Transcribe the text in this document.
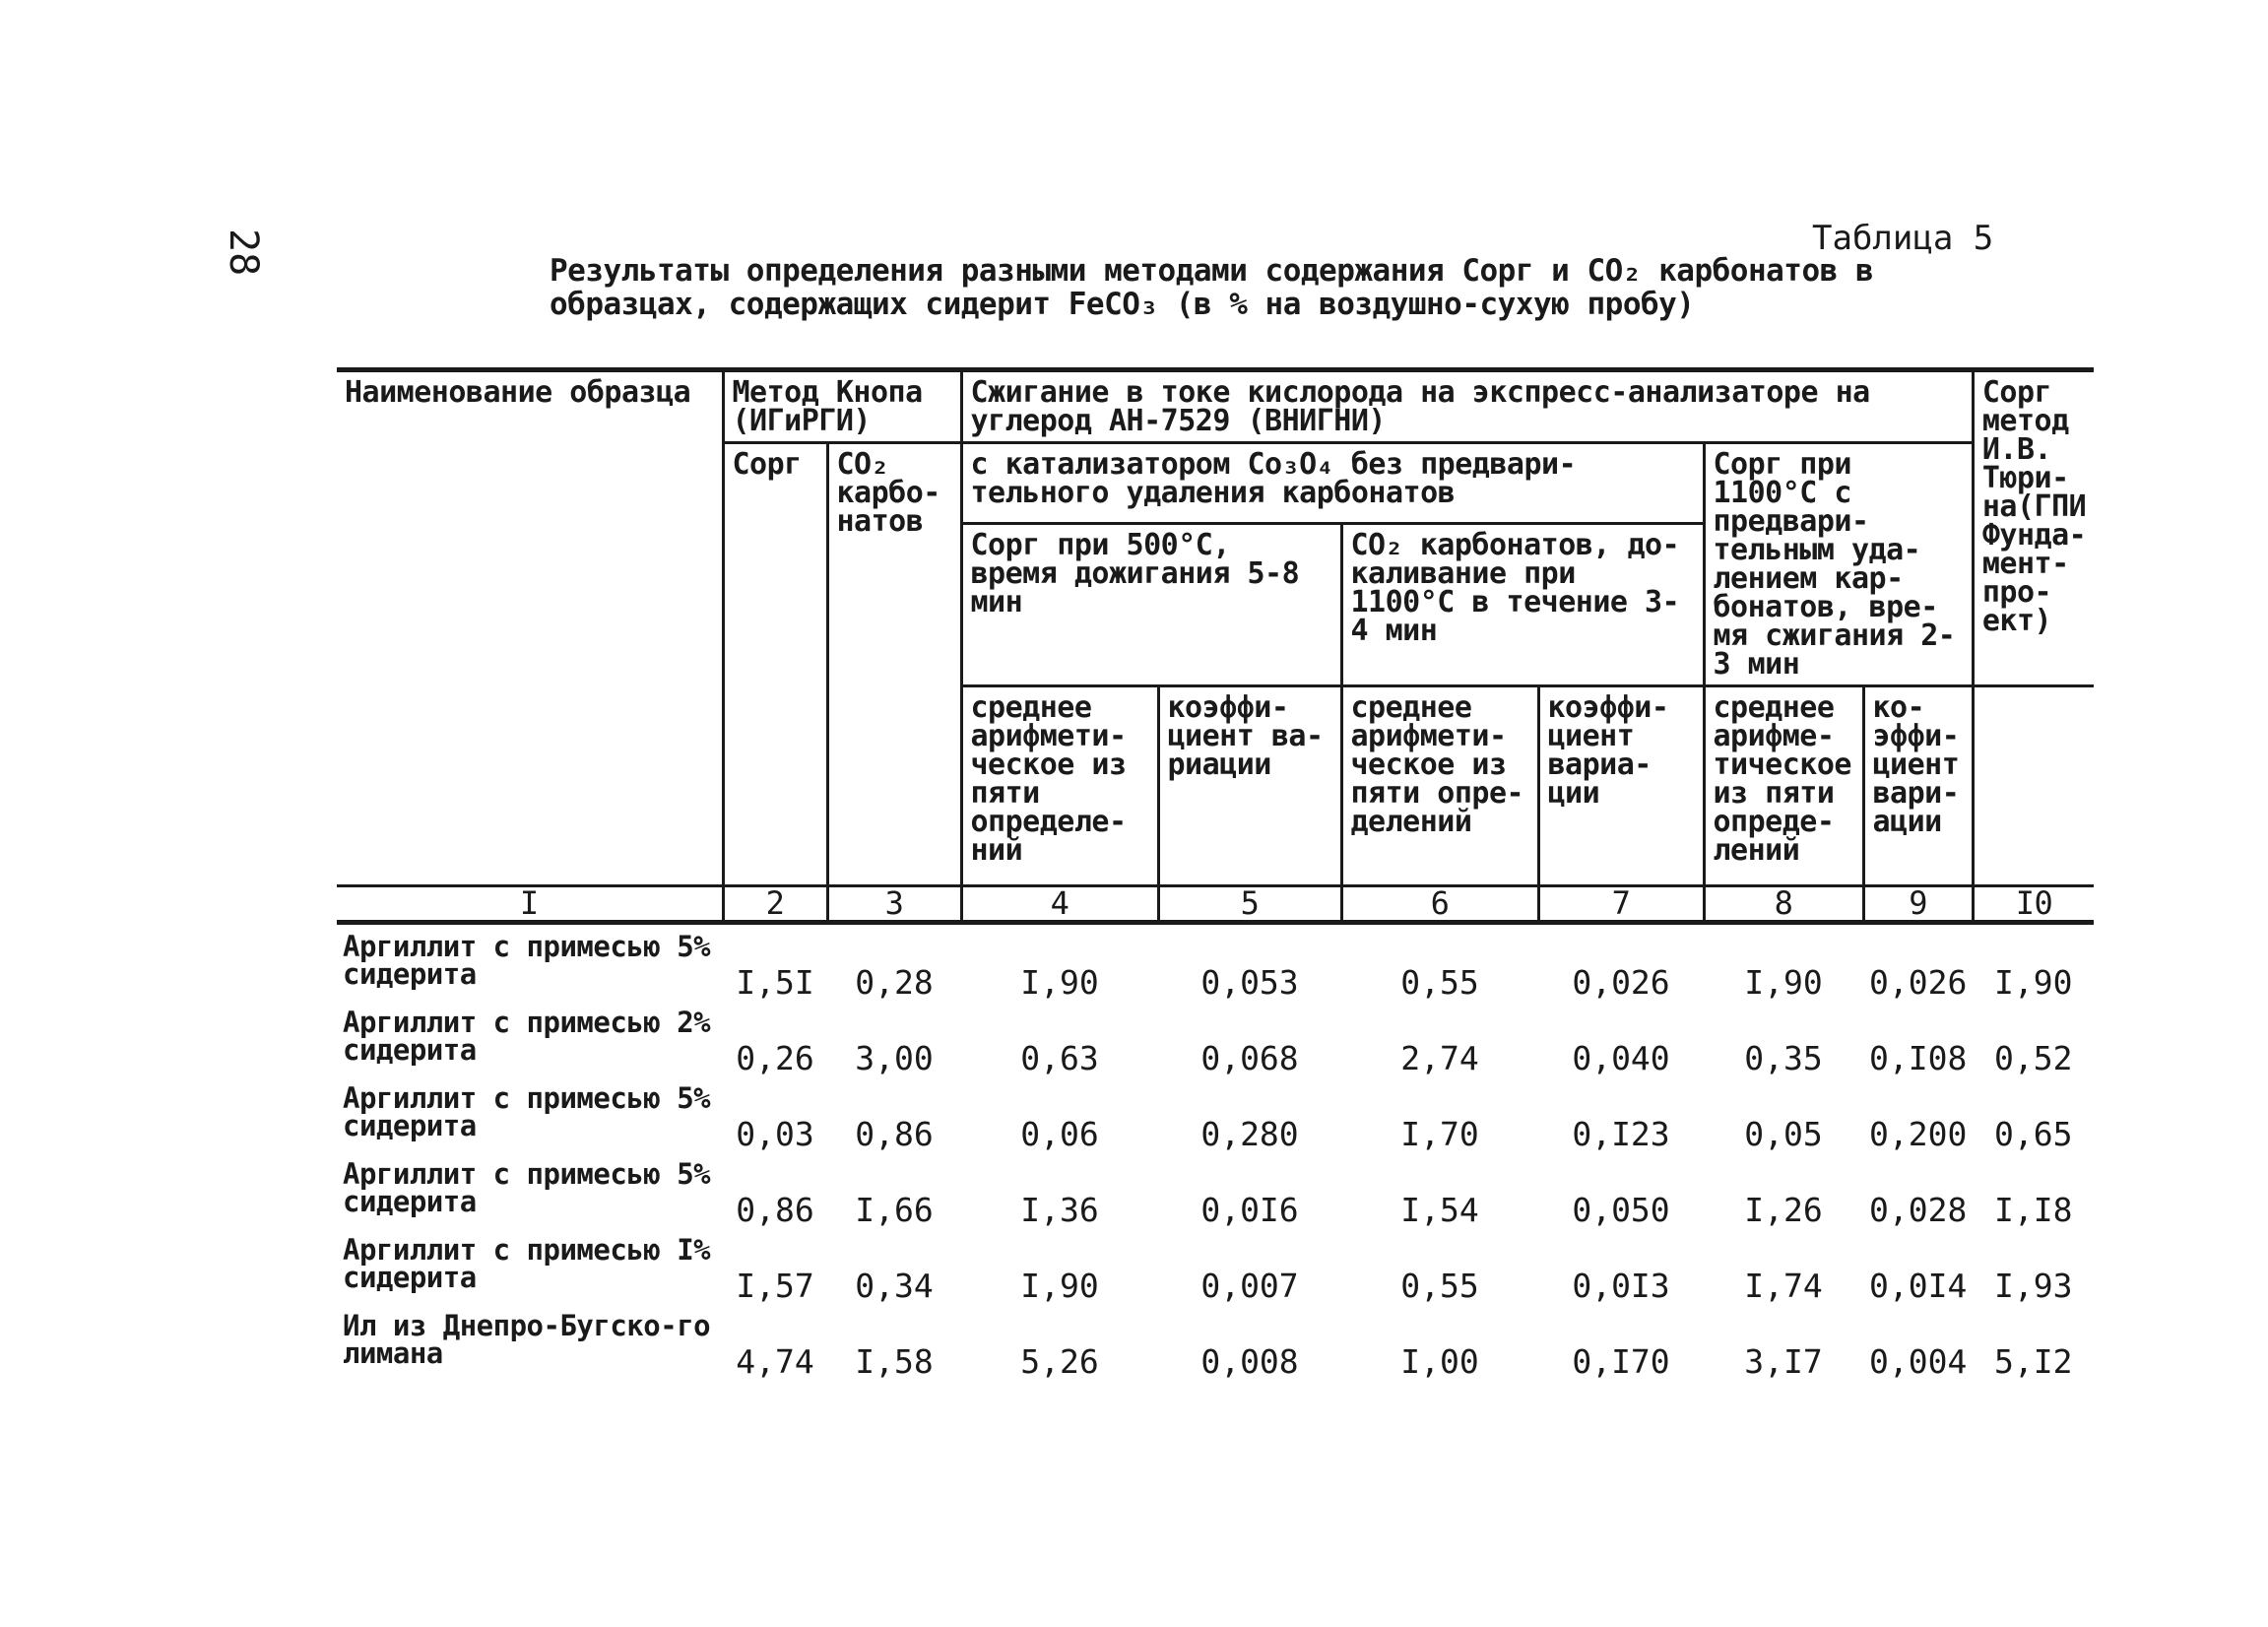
28	Таблица 5
Результаты определения разными методами содержания Cорг и CO₂ карбонатов в
образцах, содержащих сидерит FeCO₃ (в % на воздушно-сухую пробу)
Наименование образца	Метод Кнопа (ИГиРГИ)		Сжигание в токе кислорода на экспресс-анализаторе на углерод АН-7529 (ВНИГНИ)						Cорг метод И.В. Тюри-на(ГПИ Фунда-мент-про-ект)
	Cорг	CO₂ карбо-натов	с катализатором Co₃O₄ без предвари-тельного удаления карбонатов				Cорг при 1100°C с предвари-тельным уда-лением кар-бонатов, вре-мя сжигания 2-3 мин		
			Cорг при 500°C, время дожигания 5-8 мин		CO₂ карбонатов, до-каливание при 1100°C в течение 3-4 мин				
			среднее арифмети-ческое из пяти определе-ний	коэффи-циент ва-риации	среднее арифмети-ческое из пяти опре-делений	коэффи-циент вариа-ции	среднее арифме-тическое из пяти опреде-лений	ко-эффи-циент вари-ации	
I	2	3	4	5	6	7	8	9	I0
Аргиллит с примесью 5% сидерита	I,5I	0,28	I,90	0,053	0,55	0,026	I,90	0,026	I,90
Аргиллит с примесью 2% сидерита	0,26	3,00	0,63	0,068	2,74	0,040	0,35	0,I08	0,52
Аргиллит с примесью 5% сидерита	0,03	0,86	0,06	0,280	I,70	0,I23	0,05	0,200	0,65
Аргиллит с примесью 5% сидерита	0,86	I,66	I,36	0,0I6	I,54	0,050	I,26	0,028	I,I8
Аргиллит с примесью I% сидерита	I,57	0,34	I,90	0,007	0,55	0,0I3	I,74	0,0I4	I,93
Ил из Днепро-Бугско-го лимана	4,74	I,58	5,26	0,008	I,00	0,I70	3,I7	0,004	5,I2
